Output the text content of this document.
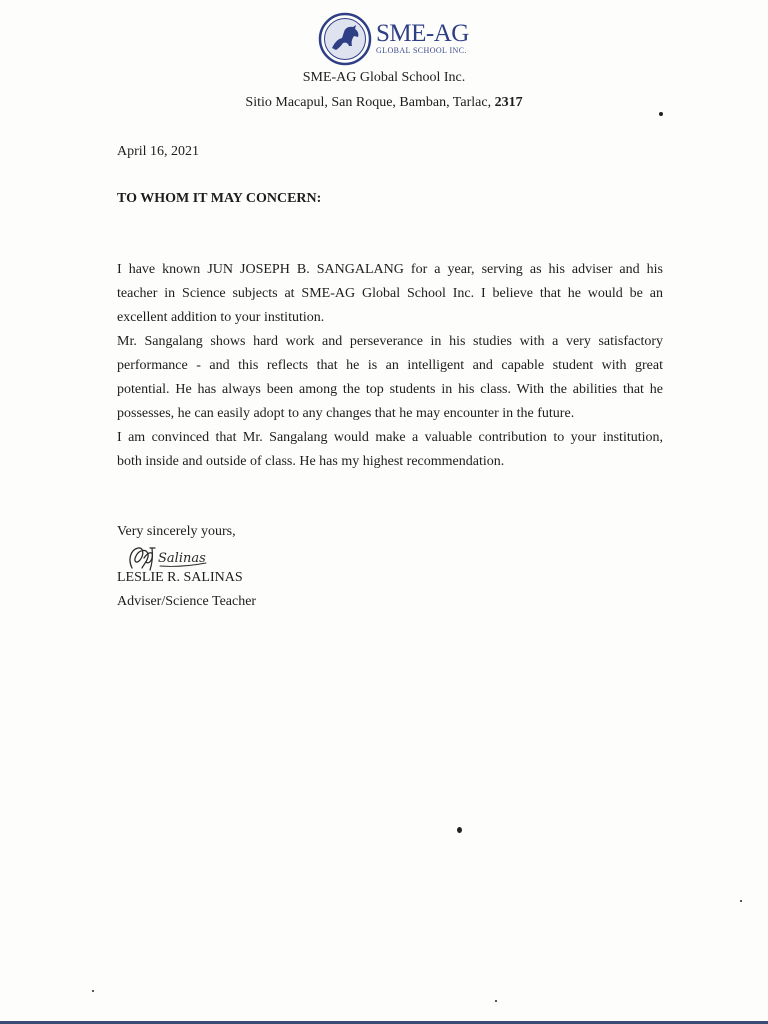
SME-AG
GLOBAL SCHOOL INC.
SME-AG Global School Inc.
Sitio Macapul, San Roque, Bamban, Tarlac, 2317
April 16, 2021
TO WHOM IT MAY CONCERN:
I have known JUN JOSEPH B. SANGALANG for a year, serving as his adviser and his
teacher in Science subjects at SME-AG Global School Inc. I believe that he would be an
excellent addition to your institution.
Mr. Sangalang shows hard work and perseverance in his studies with a very satisfactory
performance - and this reflects that he is an intelligent and capable student with great
potential. He has always been among the top students in his class. With the abilities that he
possesses, he can easily adopt to any changes that he may encounter in the future.
I am convinced that Mr. Sangalang would make a valuable contribution to your institution,
both inside and outside of class. He has my highest recommendation.
Very sincerely yours,
Salinas
LESLIE R. SALINAS
Adviser/Science Teacher
